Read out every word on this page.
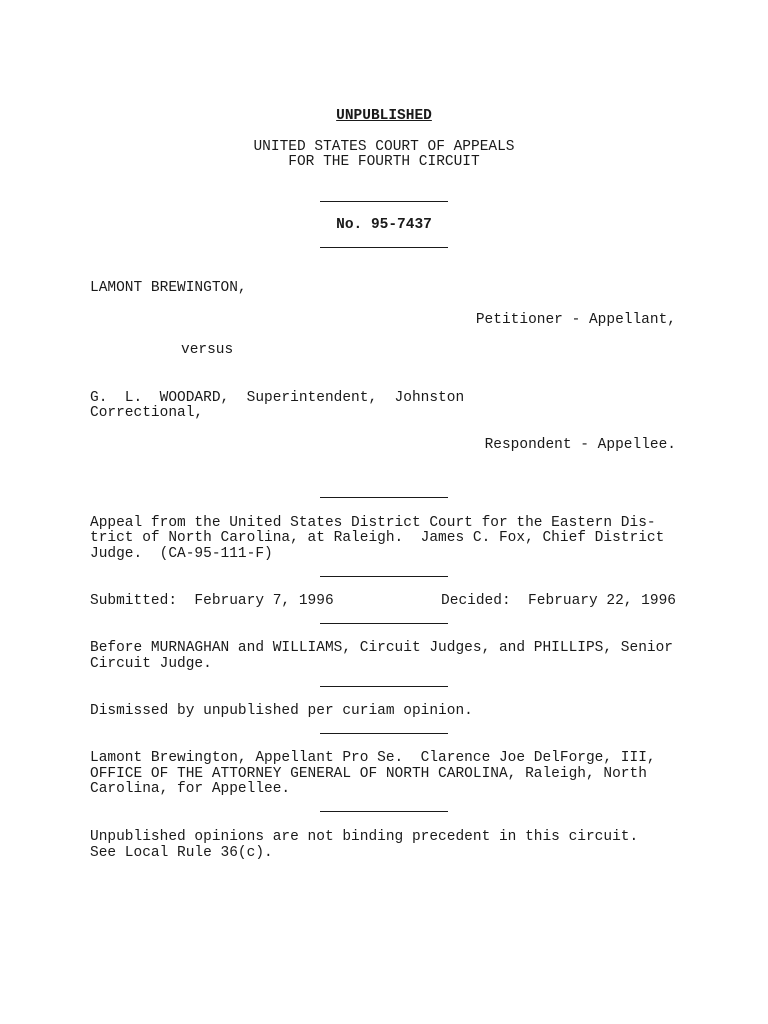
UNPUBLISHED
UNITED STATES COURT OF APPEALS
FOR THE FOURTH CIRCUIT
No. 95-7437
LAMONT BREWINGTON,
Petitioner - Appellant,
versus
G.  L.  WOODARD,  Superintendent,  Johnston
Correctional,
Respondent - Appellee.
Appeal from the United States District Court for the Eastern Dis-
trict of North Carolina, at Raleigh.  James C. Fox, Chief District
Judge.  (CA-95-111-F)
Submitted:  February 7, 1996	Decided:  February 22, 1996
Before MURNAGHAN and WILLIAMS, Circuit Judges, and PHILLIPS, Senior
Circuit Judge.
Dismissed by unpublished per curiam opinion.
Lamont Brewington, Appellant Pro Se.  Clarence Joe DelForge, III,
OFFICE OF THE ATTORNEY GENERAL OF NORTH CAROLINA, Raleigh, North
Carolina, for Appellee.
Unpublished opinions are not binding precedent in this circuit.
See Local Rule 36(c).
